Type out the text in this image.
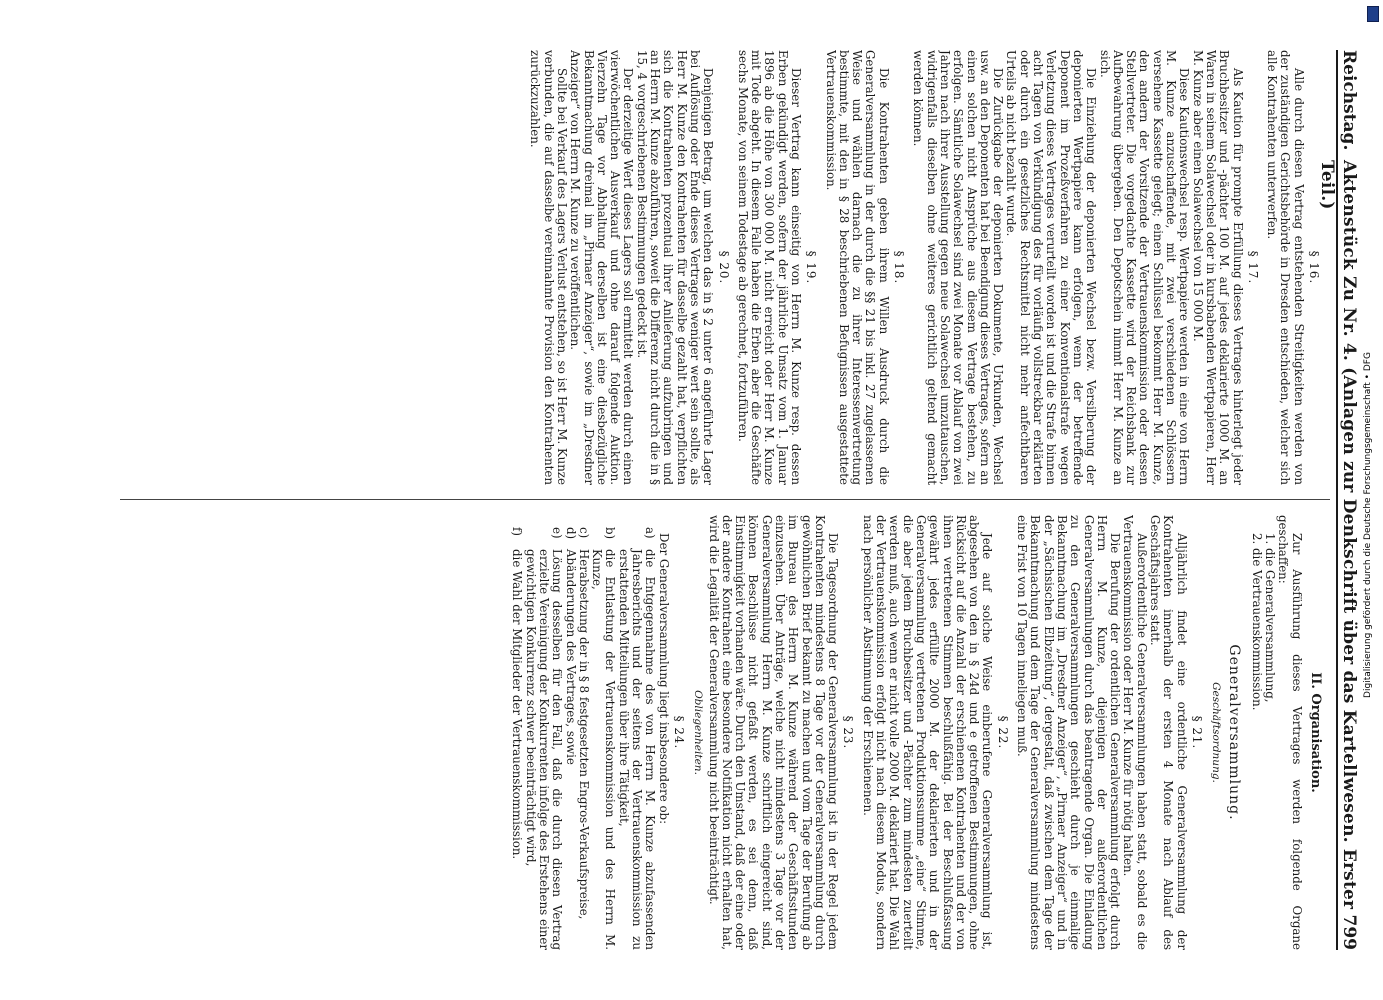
Digitalisierung gefördert durch die Deutsche Forschungsgemeinschaft • DFG
Reichstag.
Aktenstück Zu Nr. 4. (Anlagen zur Denkschrift über das Kartellwesen. Erster Teil.)
799
§ 16.

Alle durch diesen Vertrag entstehenden Streitigkeiten werden von der zuständigen Gerichtsbehörde in Dresden entschieden, welcher sich alle Kontrahenten unterwerfen.

§ 17.

Als Kaution für prompte Erfüllung dieses Vertrages hinterlegt jeder Bruchbesitzer und -pächter 100 M. auf jedes deklarierte 1000 M. an Waren in seinem Solawechsel oder in kursbabenden Wertpapieren, Herr M. Kunze aber einen Solawechsel von 15 000 M.

Diese Kautionswechsel resp. Wertpapiere werden in eine von Herrn M. Kunze anzuschaffende, mit zwei verschiedenen Schlössern versehene Kassette gelegt; einen Schlüssel bekommt Herr M. Kunze, den andern der Vorsitzende der Vertrauenskommission oder dessen Stellvertreter. Die vorgedachte Kassette wird der Reichsbank zur Aufbewahrung übergeben. Den Depotschein nimmt Herr M. Kunze an sich.

Die Einziehung der deponierten Wechsel bezw. Versilberung der deponierten Wertpapiere kann erfolgen, wenn der betreffende Deponent im Prozeßverfahren zu einer Konventionalstrafe wegen Verletzung dieses Vertrages verurteilt worden ist und die Strafe binnen acht Tagen von Verkündigung des für vorläufig vollstreckbar erklärten oder durch ein gesetzliches Rechtsmittel nicht mehr anfechtbaren Urteils ab nicht bezahlt wurde.

Die Zurückgabe der deponierten Dokumente, Urkunden, Wechsel usw. an den Deponenten hat bei Beendigung dieses Vertrages, sofern an einen solchen nicht Ansprüche aus diesem Vertrage bestehen, zu erfolgen. Sämtliche Solawechsel sind zwei Monate vor Ablauf von zwei Jahren nach ihrer Ausstellung gegen neue Solawechsel umzutauschen, widrigenfalls dieselben ohne weiteres gerichtlich geltend gemacht werden können.

§ 18.

Die Kontrahenten geben ihrem Willen Ausdruck durch die Generalversammlung in der durch die §§ 21 bis inkl. 27 zugelassenen Weise und wählen darnach die zu ihrer Interessenvertretung bestimmte, mit den in § 28 beschriebenen Befugnissen ausgestattete Vertrauenskommission.

§ 19.

Dieser Vertrag kann einseitig von Herrn M. Kunze resp. dessen Erben gekündigt werden, sofern der jährliche Umsatz vom 1. Januar 1896 ab die Höhe von 300 000 M. nicht erreicht oder Herr M. Kunze mit Tode abgeht. In diesem Falle haben die Erben aber die Geschäfte sechs Monate, von seinem Todestage ab gerechnet, fortzuführen.

§ 20.

Denjenigen Betrag, um welchen das in § 2 unter 6 angeführte Lager bei Auflösung oder Ende dieses Vertrages weniger wert sein sollte, als Herr M. Kunze den Kontrahenten für dasselbe gezahlt hat, verpflichten sich die Kontrahenten prozentual ihrer Anlieferung aufzubringen und an Herrn M. Kunze abzuführen, soweit die Differenz nicht durch die in § 15, 4 vorgeschriebenen Bestimmungen gedeckt ist.

Der derzeitige Wert dieses Lagers soll ermittelt werden durch einen vierwöchentlichen Ausverkauf und ohne darauf folgende Auktion. Vierzehn Tage vor Abhaltung derselben ist eine diesbezügliche Bekanntmachung dreimal im „Pirnaer Anzeiger“, sowie im „Dresdner Anzeiger“ von Herrn M. Kunze zu veröffentlichen.

Sollte bei Verkauf des Lagers Verlust entstehen, so ist Herr M. Kunze verbunden, die auf dasselbe vereinnahmte Provision den Kontrahenten zurückzuzahlen.

II. Organisation.

Zur Ausführung dieses Vertrages werden folgende Organe geschaffen:

1. die Generalversammlung,
2. die Vertrauenskommission.
Generalversammlung.
Geschäftsordnung.
§ 21.

Alljährlich findet eine ordentliche Generalversammlung der Kontrahenten innerhalb der ersten 4 Monate nach Ablauf des Geschäftsjahres statt.

Außerordentliche Generalversammlungen haben statt, sobald es die Vertrauenskommission oder Herr M. Kunze für nötig halten.

Die Berufung der ordentlichen Generalversammlung erfolgt durch Herrn M. Kunze, diejenigen der außerordentlichen Generalversammlungen durch das beantragende Organ. Die Einladung zu den Generalversammlungen geschieht durch je einmalige Bekanntmachung im „Dresdner Anzeiger“, „Pirnaer Anzeiger“ und in der „Sächsischen Elbzeitung“, dergestalt, daß zwischen dem Tage der Bekanntmachung und dem Tage der Generalversammlung mindestens eine Frist von 10 Tagen inneliegen muß.

§ 22.

Jede auf solche Weise einberufene Generalversammlung ist, abgesehen von den in § 24d und e getroffenen Bestimmungen, ohne Rücksicht auf die Anzahl der erschienenen Kontrahenten und der von ihnen vertretenen Stimmen beschlußfähig. Bei der Beschlußfassung gewährt jedes erfüllte 2000 M. der deklarierten und in der Generalversammlung vertretenen Produktionssumme „eine“ Stimme, die aber jedem Bruchbesitzer und -Pächter zum mindesten zuerteilt werden muß, auch wenn er nicht volle 2000 M. deklariert hat. Die Wahl der Vertrauenskommission erfolgt nicht nach diesem Modus, sondern nach persönlicher Abstimmung der Erschienenen.

§ 23.

Die Tagesordnung der Generalversammlung ist in der Regel jedem Kontrahenten mindestens 8 Tage vor der Generalversammlung durch gewöhnlichen Brief bekannt zu machen und vom Tage der Berufung ab im Bureau des Herrn M. Kunze während der Geschäftsstunden einzusehen. Über Anträge, welche nicht mindestens 3 Tage vor der Generalversammlung Herrn M. Kunze schriftlich eingereicht sind, können Beschlüsse nicht gefaßt werden, es sei denn, daß Einstimmigkeit vorhanden wäre. Durch den Umstand, daß der eine oder der andere Kontrahent eine besondere Notifikation nicht erhalten hat, wird die Legalität der Generalversammlung nicht beeinträchtigt.

Obliegenheiten.
§ 24.

Der Generalversammlung liegt insbesondere ob:

a)
die Entgegennahme des von Herrn M. Kunze abzufassenden Jahresberichts und der seitens der Vertrauenskommission zu erstattenden Mitteilungen über ihre Tätigkeit,
b)
die Entlastung der Vertrauenskommission und des Herrn M. Kunze,
c)
Herabsetzung der in § 8 festgesetzten Engros-Verkaufspreise,
d)
Abänderungen des Vertrages, sowie
e)
Lösung desselben für den Fall, daß die durch diesen Vertrag erzielte Vereinigung der Konkurrenten infolge des Erstehens einer gewichtigen Konkurrenz schwer beeinträchtigt wird,
f)
die Wahl der Mitglieder der Vertrauenskommission.
